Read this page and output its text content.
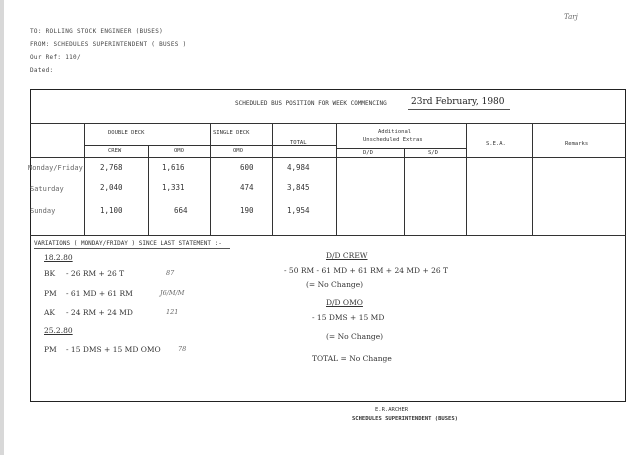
Tarj
TO: ROLLING STOCK ENGINEER (BUSES)
FROM: SCHEDULES SUPERINTENDENT ( BUSES )
Our Ref: 110/
Dated:
SCHEDULED BUS POSITION FOR WEEK COMMENCING	23rd February, 1980
DOUBLE DECK	SINGLE DECK
TOTAL
Additional
Unscheduled Extras
S.E.A.	Remarks
CREW	OMO	OMO	D/D	S/D
Monday/Friday 2,768	1,616	600	4,984
Saturday	2,040	1,331	474	3,845
Sunday	1,100	664	190	1,954
VARIATIONS ( MONDAY/FRIDAY ) SINCE LAST STATEMENT :-
18.2.80
BK - 26 RM + 26 T	87
PM - 61 MD + 61 RM	J6/M/M
AK - 24 RM + 24 MD	121
25.2.80
PM - 15 DMS + 15 MD OMO	78
D/D CREW
- 50 RM - 61 MD + 61 RM + 24 MD + 26 T
(= No Change)
D/D OMO
- 15 DMS + 15 MD
(= No Change)
TOTAL = No Change
E.R.ARCHER
SCHEDULES SUPERINTENDENT (BUSES)
